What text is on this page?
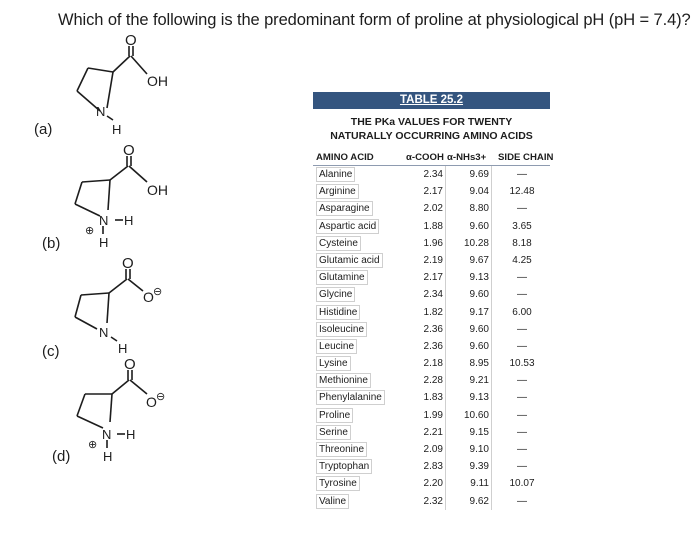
Which of the following is the predominant form of proline at physiological pH (pH = 7.4)?
(a)
O
OH
N
H
(b)
O
OH
N H
H
⊕
(c)
O
O ⊖
N
H
(d)
O
O ⊖
N H
H
⊕
TABLE 25.2
THE PKa VALUES FOR TWENTY
NATURALLY OCCURRING AMINO ACIDS
AMINO ACID	α-COOH α-NHs3+	SIDE CHAIN
Alanine	2.34	9.69	—
Arginine	2.17	9.04	12.48
Asparagine	2.02	8.80	—
Aspartic acid	1.88	9.60	3.65
Cysteine	1.96	10.28	8.18
Glutamic acid	2.19	9.67	4.25
Glutamine	2.17	9.13	—
Glycine	2.34	9.60	—
Histidine	1.82	9.17	6.00
Isoleucine	2.36	9.60	—
Leucine	2.36	9.60	—
Lysine	2.18	8.95	10.53
Methionine	2.28	9.21	—
Phenylalanine	1.83	9.13	—
Proline	1.99	10.60	—
Serine	2.21	9.15	—
Threonine	2.09	9.10	—
Tryptophan	2.83	9.39	—
Tyrosine	2.20	9.11	10.07
Valine	2.32	9.62	—
